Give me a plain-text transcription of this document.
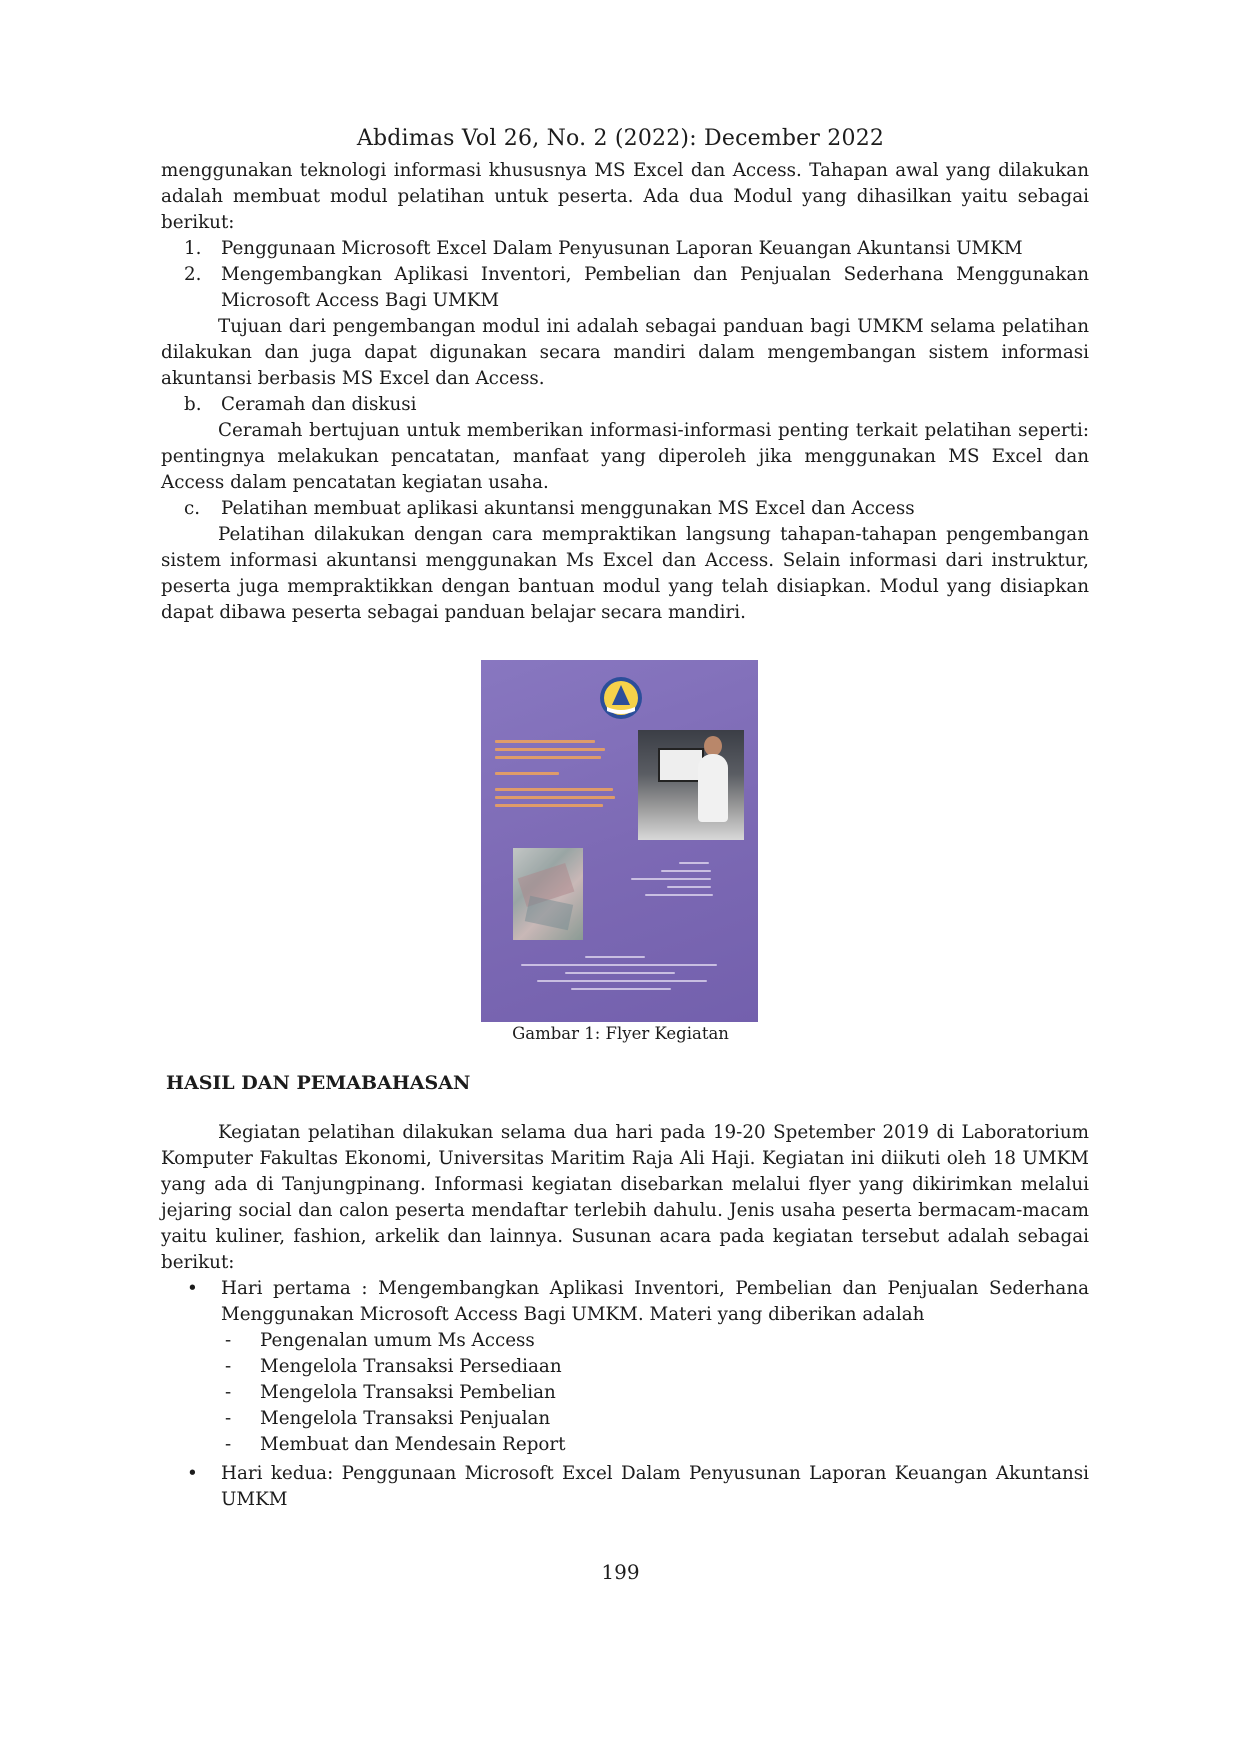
Abdimas Vol 26, No. 2 (2022): December 2022

menggunakan teknologi informasi khususnya MS Excel dan Access. Tahapan awal yang dilakukan adalah membuat modul pelatihan untuk peserta. Ada dua Modul yang dihasilkan yaitu sebagai berikut:

1. Penggunaan Microsoft Excel Dalam Penyusunan Laporan Keuangan Akuntansi UMKM
2. Mengembangkan Aplikasi Inventori, Pembelian dan Penjualan Sederhana Menggunakan Microsoft Access Bagi UMKM

Tujuan dari pengembangan modul ini adalah sebagai panduan bagi UMKM selama pelatihan dilakukan dan juga dapat digunakan secara mandiri dalam mengembangan sistem informasi akuntansi berbasis MS Excel dan Access.

b. Ceramah dan diskusi

Ceramah bertujuan untuk memberikan informasi-informasi penting terkait pelatihan seperti: pentingnya melakukan pencatatan, manfaat yang diperoleh jika menggunakan MS Excel dan Access dalam pencatatan kegiatan usaha.

c.	Pelatihan membuat aplikasi akuntansi menggunakan MS Excel dan Access

Pelatihan dilakukan dengan cara mempraktikan langsung tahapan-tahapan pengembangan sistem informasi akuntansi menggunakan Ms Excel dan Access. Selain informasi dari instruktur, peserta juga mempraktikkan dengan bantuan modul yang telah disiapkan. Modul yang disiapkan dapat dibawa peserta sebagai panduan belajar secara mandiri.

Gambar 1: Flyer Kegiatan
HASIL DAN PEMABAHASAN

Kegiatan pelatihan dilakukan selama dua hari pada 19-20 Spetember 2019 di Laboratorium Komputer Fakultas Ekonomi, Universitas Maritim Raja Ali Haji. Kegiatan ini diikuti oleh 18 UMKM yang ada di Tanjungpinang. Informasi kegiatan disebarkan melalui flyer yang dikirimkan melalui jejaring social dan calon peserta mendaftar terlebih dahulu. Jenis usaha peserta bermacam-macam yaitu kuliner, fashion, arkelik dan lainnya. Susunan acara pada kegiatan tersebut adalah sebagai berikut:

• Hari pertama : Mengembangkan Aplikasi Inventori, Pembelian dan Penjualan Sederhana Menggunakan Microsoft Access Bagi UMKM. Materi yang diberikan adalah
-	Pengenalan umum Ms Access
-	Mengelola Transaksi Persediaan
-	Mengelola Transaksi Pembelian
-	Mengelola Transaksi Penjualan
-	Membuat dan Mendesain Report
• Hari kedua: Penggunaan Microsoft Excel Dalam Penyusunan Laporan Keuangan Akuntansi UMKM
199
